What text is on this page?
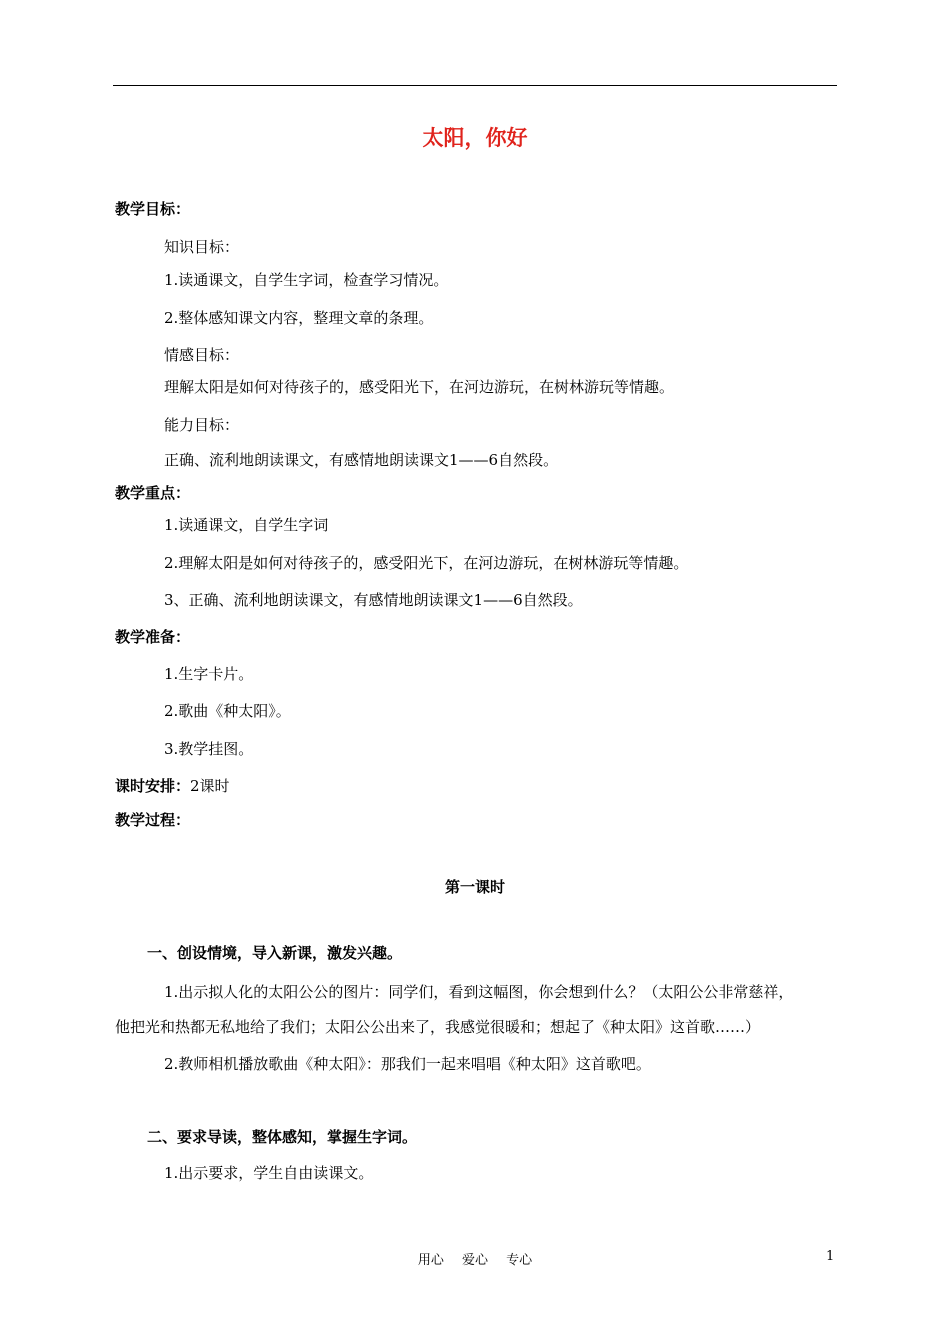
太阳，你好
教学目标：
知识目标：
1.读通课文，自学生字词，检查学习情况。
2.整体感知课文内容，整理文章的条理。
情感目标：
理解太阳是如何对待孩子的，感受阳光下，在河边游玩，在树林游玩等情趣。
能力目标：
正确、流利地朗读课文，有感情地朗读课文1——6自然段。
教学重点：
1.读通课文，自学生字词
2.理解太阳是如何对待孩子的，感受阳光下，在河边游玩，在树林游玩等情趣。
3、正确、流利地朗读课文，有感情地朗读课文1——6自然段。
教学准备：
1.生字卡片。
2.歌曲《种太阳》。
3.教学挂图。
课时安排：2课时
教学过程：
第一课时
一、创设情境，导入新课，激发兴趣。
1.出示拟人化的太阳公公的图片：同学们，看到这幅图，你会想到什么？（太阳公公非常慈祥，
他把光和热都无私地给了我们；太阳公公出来了，我感觉很暖和；想起了《种太阳》这首歌……）
2.教师相机播放歌曲《种太阳》：那我们一起来唱唱《种太阳》这首歌吧。
二、要求导读，整体感知，掌握生字词。
1.出示要求，学生自由读课文。
用心 爱心 专心	1
